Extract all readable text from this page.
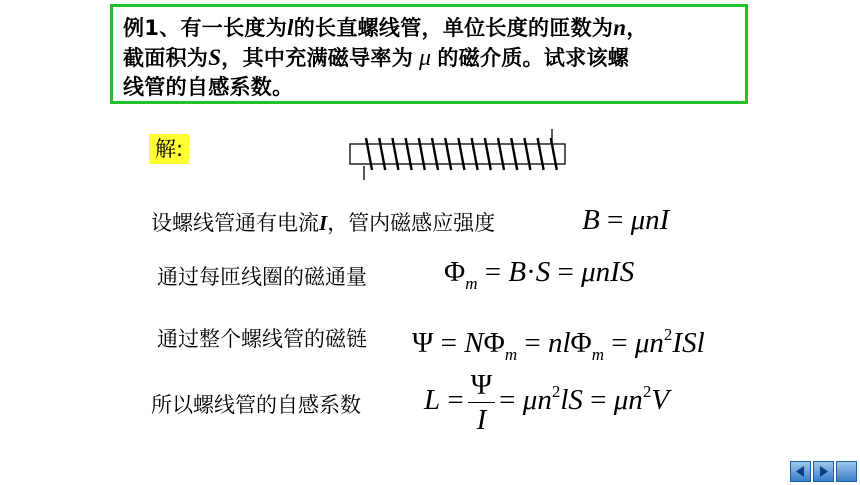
例1、有一长度为l的长直螺线管，单位长度的匝数为n，

截面积为S，其中充满磁导率为 μ 的磁介质。试求该螺

线管的自感系数。

解:
设螺线管通有电流I，管内磁感应强度	B = μnI
通过每匝线圈的磁通量	$\Phi_m = B\cdot S = \mu nIS$
通过整个螺线管的磁链 $\Psi = N\Phi_m = nl\Phi_m = \mu n^2ISl$
所以螺线管的自感系数 $L = \frac{\Psi}{I} = \mu n^2lS = \mu n^2V$
